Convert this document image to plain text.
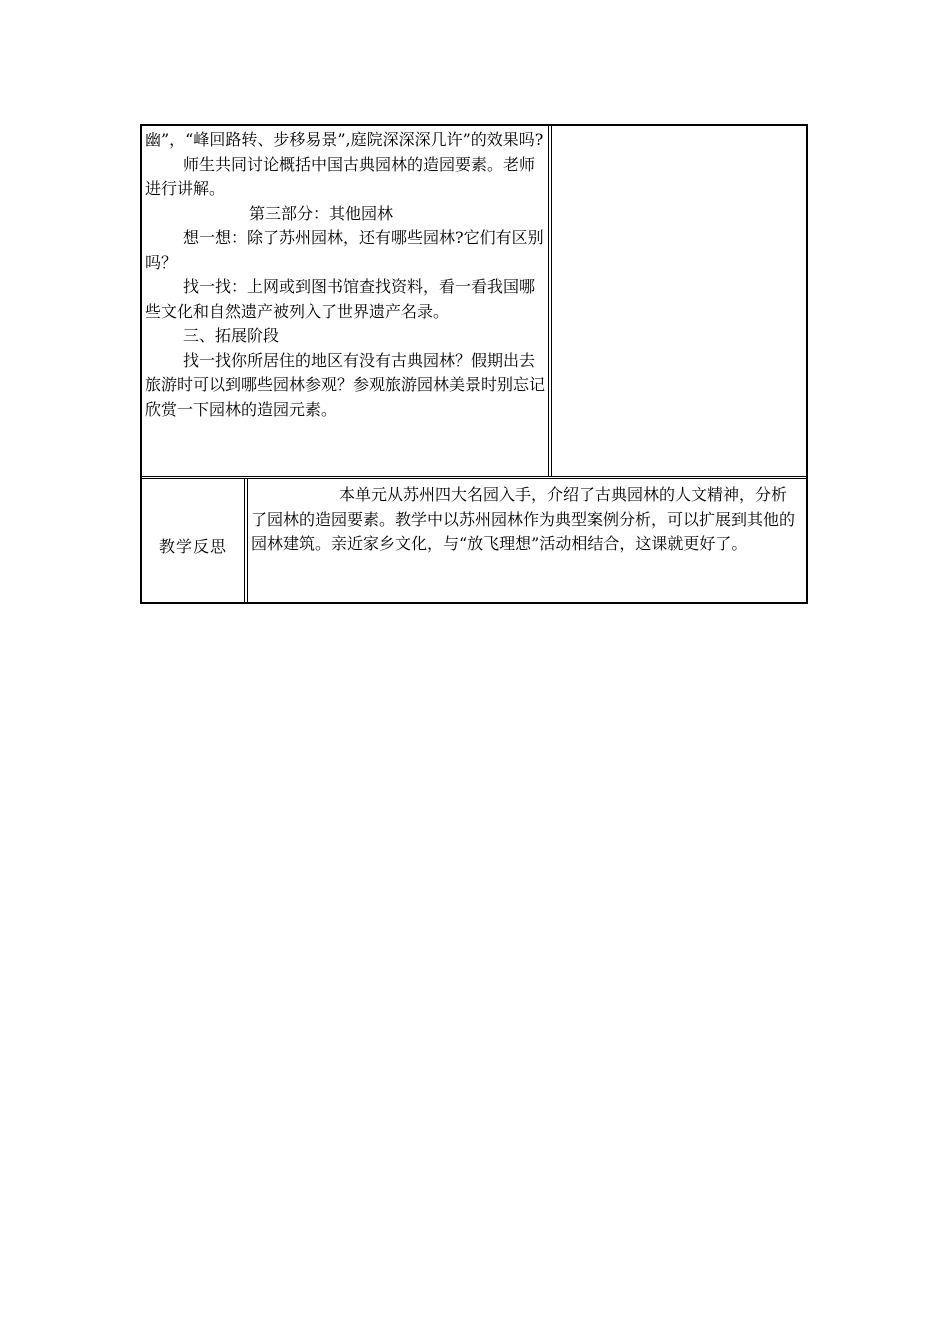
幽”，“峰回路转、步移易景”,庭院深深深几许”的效果吗?

师生共同讨论概括中国古典园林的造园要素。老师进行讲解。

第三部分：其他园林

想一想：除了苏州园林，还有哪些园林?它们有区别吗？

找一找：上网或到图书馆查找资料，看一看我国哪些文化和自然遗产被列入了世界遗产名录。

三、拓展阶段

找一找你所居住的地区有没有古典园林？假期出去旅游时可以到哪些园林参观？参观旅游园林美景时别忘记欣赏一下园林的造园元素。

教学反思

本单元从苏州四大名园入手，介绍了古典园林的人文精神，分析了园林的造园要素。教学中以苏州园林作为典型案例分析，可以扩展到其他的园林建筑。亲近家乡文化，与“放飞理想”活动相结合，这课就更好了。
